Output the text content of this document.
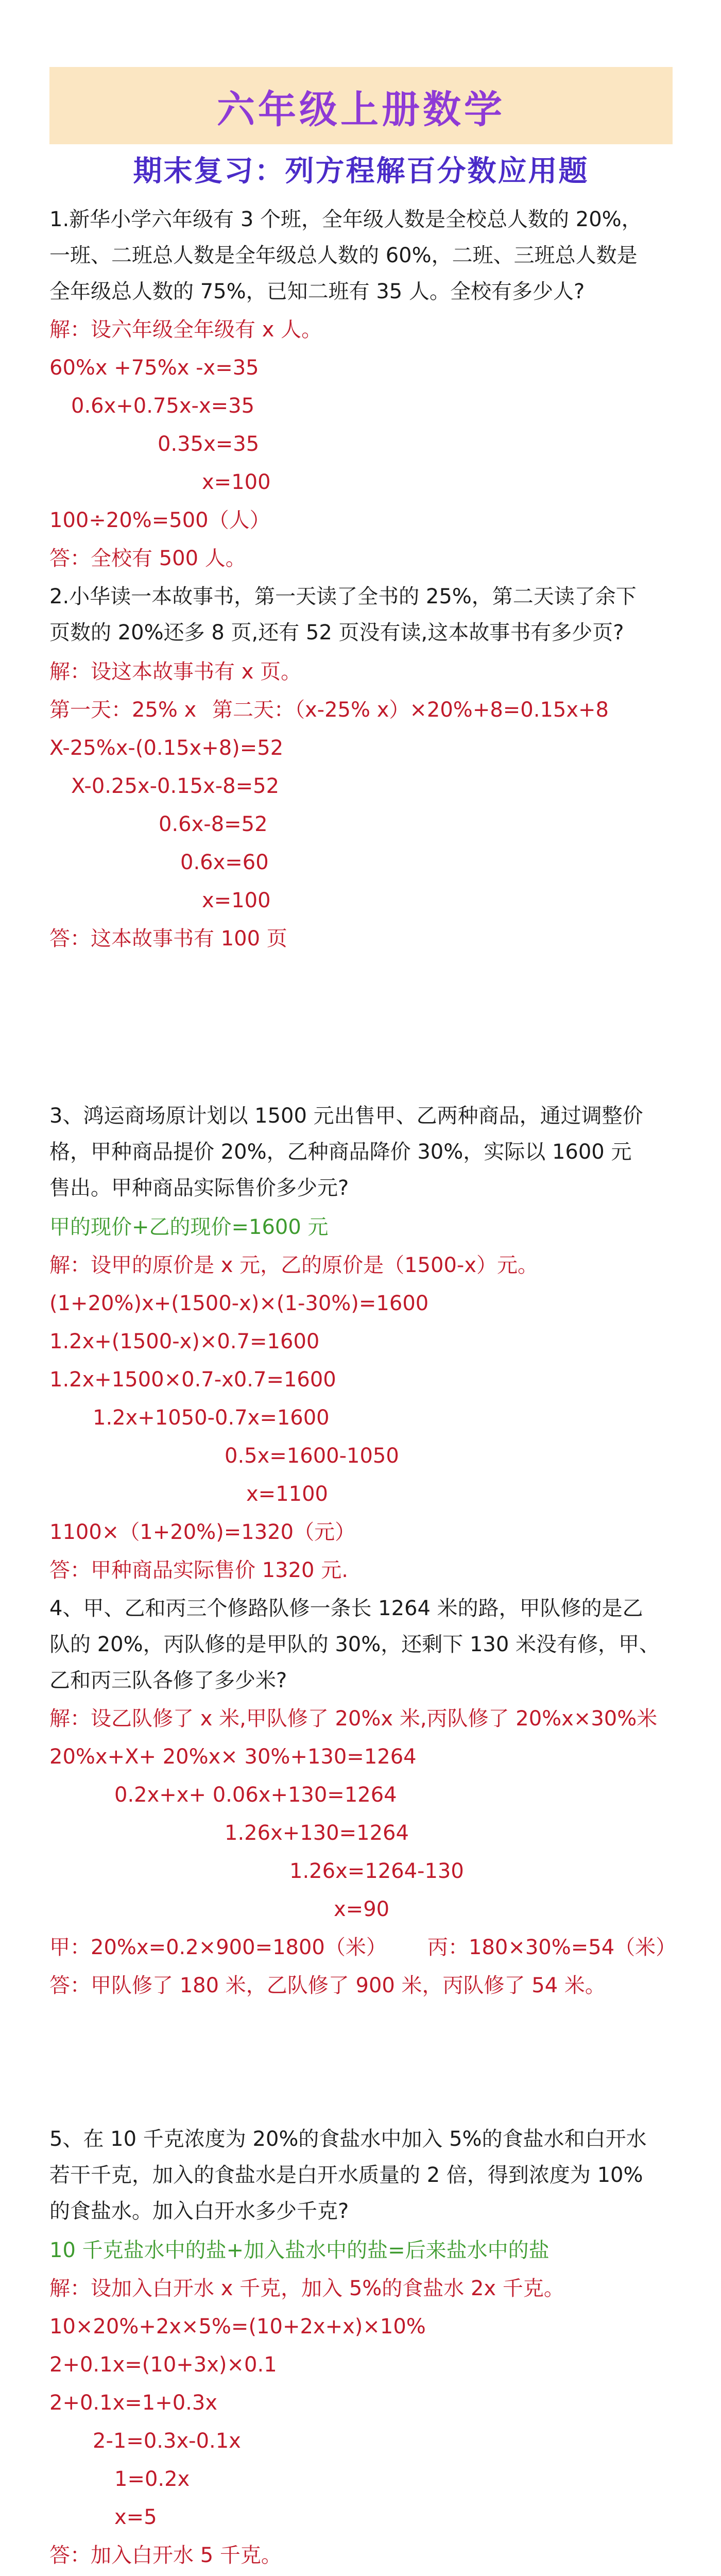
六年级上册数学
期末复习：列方程解百分数应用题
1.新华小学六年级有 3 个班，全年级人数是全校总人数的 20%，
一班、二班总人数是全年级总人数的 60%，二班、三班总人数是
全年级总人数的 75%，已知二班有 35 人。全校有多少人?
解：设六年级全年级有 x 人。
60%x +75%x -x=35
0.6x+0.75x-x=35
0.35x=35
x=100
100÷20%=500（人）
答：全校有 500 人。
2.小华读一本故事书，第一天读了全书的 25%，第二天读了余下
页数的 20%还多 8 页,还有 52 页没有读,这本故事书有多少页?
解：设这本故事书有 x 页。
第一天：25% x 第二天：（x-25% x）×20%+8=0.15x+8
X-25%x-(0.15x+8)=52
X-0.25x-0.15x-8=52
0.6x-8=52
0.6x=60
x=100
答：这本故事书有 100 页
3、鸿运商场原计划以 1500 元出售甲、乙两种商品，通过调整价
格，甲种商品提价 20%，乙种商品降价 30%，实际以 1600 元
售出。甲种商品实际售价多少元?
甲的现价+乙的现价=1600 元
解：设甲的原价是 x 元，乙的原价是（1500-x）元。
(1+20%)x+(1500-x)×(1-30%)=1600
1.2x+(1500-x)×0.7=1600
1.2x+1500×0.7-x0.7=1600
1.2x+1050-0.7x=1600
0.5x=1600-1050
x=1100
1100×（1+20%)=1320（元）
答：甲种商品实际售价 1320 元.
4、甲、乙和丙三个修路队修一条长 1264 米的路，甲队修的是乙
队的 20%，丙队修的是甲队的 30%，还剩下 130 米没有修，甲、
乙和丙三队各修了多少米?
解：设乙队修了 x 米,甲队修了 20%x 米,丙队修了 20%x×30%米
20%x+X+ 20%x× 30%+130=1264
0.2x+x+ 0.06x+130=1264
1.26x+130=1264
1.26x=1264-130
x=90
甲：20%x=0.2×900=1800（米） 丙：180×30%=54（米）
答：甲队修了 180 米，乙队修了 900 米，丙队修了 54 米。
5、在 10 千克浓度为 20%的食盐水中加入 5%的食盐水和白开水
若干千克，加入的食盐水是白开水质量的 2 倍，得到浓度为 10%
的食盐水。加入白开水多少千克?
10 千克盐水中的盐+加入盐水中的盐=后来盐水中的盐
解：设加入白开水 x 千克，加入 5%的食盐水 2x 千克。
10×20%+2x×5%=(10+2x+x)×10%
2+0.1x=(10+3x)×0.1
2+0.1x=1+0.3x
2-1=0.3x-0.1x
1=0.2x
x=5
答：加入白开水 5 千克。
